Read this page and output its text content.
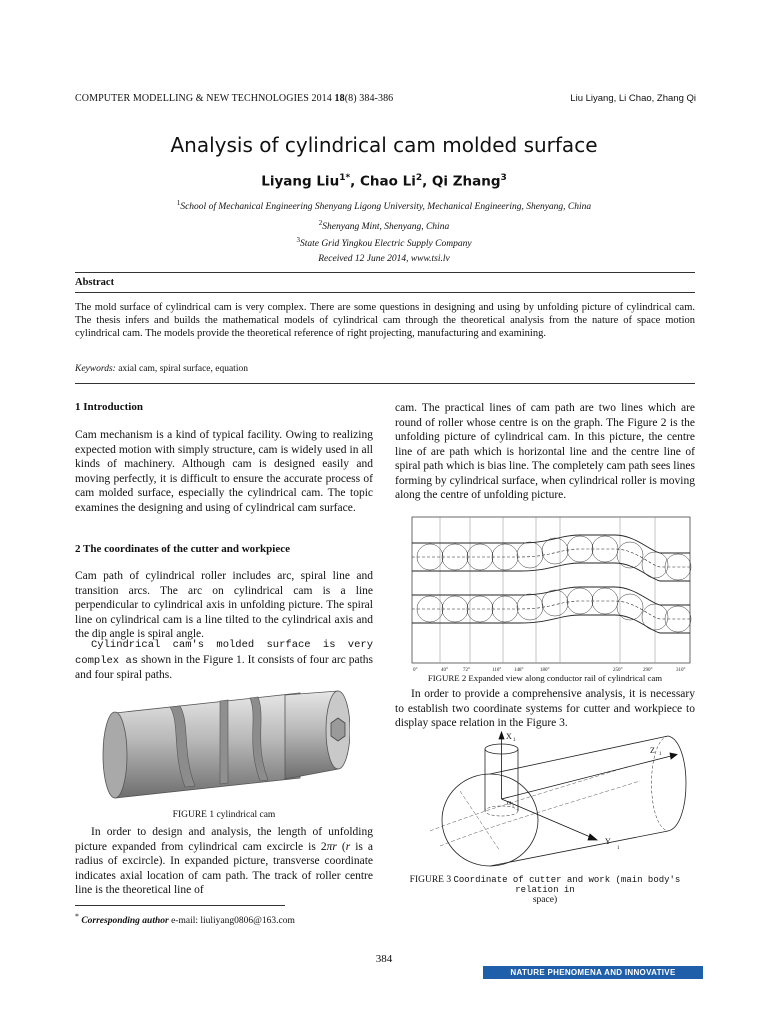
COMPUTER MODELLING & NEW TECHNOLOGIES 2014 18(8) 384-386	Liu Liyang, Li Chao, Zhang Qi
Analysis of cylindrical cam molded surface
Liyang Liu$^{1*}$, Chao Li$^2$, Qi Zhang$^3$
$^1$School of Mechanical Engineering Shenyang Ligong University, Mechanical Engineering, Shenyang, China
$^2$Shenyang Mint, Shenyang, China
$^3$State Grid Yingkou Electric Supply Company
Received 12 June 2014, www.tsi.lv
Abstract
The mold surface of cylindrical cam is very complex. There are some questions in designing and using by unfolding picture of cylindrical cam. The thesis infers and builds the mathematical models of cylindrical cam through the theoretical analysis from the nature of space motion cylindrical cam. The models provide the theoretical reference of right projecting, manufacturing and examining.
Keywords: axial cam, spiral surface, equation
1 Introduction
Cam mechanism is a kind of typical facility. Owing to realizing expected motion with simply structure, cam is widely used in all kinds of machinery. Although cam is designed easily and moving perfectly, it is difficult to ensure the accurate process of cam molded surface, especially the cylindrical cam. The topic examines the designing and using of cylindrical cam surface.
2 The coordinates of the cutter and workpiece
Cam path of cylindrical roller includes arc, spiral line and transition arcs. The arc on cylindrical cam is a line perpendicular to cylindrical axis in unfolding picture. The spiral line on cylindrical cam is a line tilted to the cylindrical axis and the dip angle is spiral angle.
Cylindrical cam's molded surface is very complex as shown in the Figure 1. It consists of four arc paths and four spiral paths.
FIGURE 1 cylindrical cam
In order to design and analysis, the length of unfolding picture expanded from cylindrical cam excircle is 2πr (r is a radius of excircle). In expanded picture, transverse coordinate indicates axial location of cam path. The track of roller centre line is the theoretical line of
cam. The practical lines of cam path are two lines which are round of roller whose centre is on the graph. The Figure 2 is the unfolding picture of cylindrical cam. In this picture, the centre line of are path which is horizontal line and the centre line of spiral path which is bias line. The completely cam path sees lines forming by cylindrical surface, when cylindrical roller is moving along the centre of unfolding picture.
0°	40°	72°	110°	148°	180°	250°	290°	310°
FIGURE 2 Expanded view along conductor rail of cylindrical cam
In order to provide a comprehensive analysis, it is necessary to establish two coordinate systems for cutter and workpiece to display space relation in the Figure 3.
X 1
Z 1
Y
1
O 1
FIGURE 3 Coordinate of cutter and work (main body's relation in
space)
* Corresponding author e-mail: liuliyang0806@163.com
384
NATURE PHENOMENA AND INNOVATIVE ENGINEERING
